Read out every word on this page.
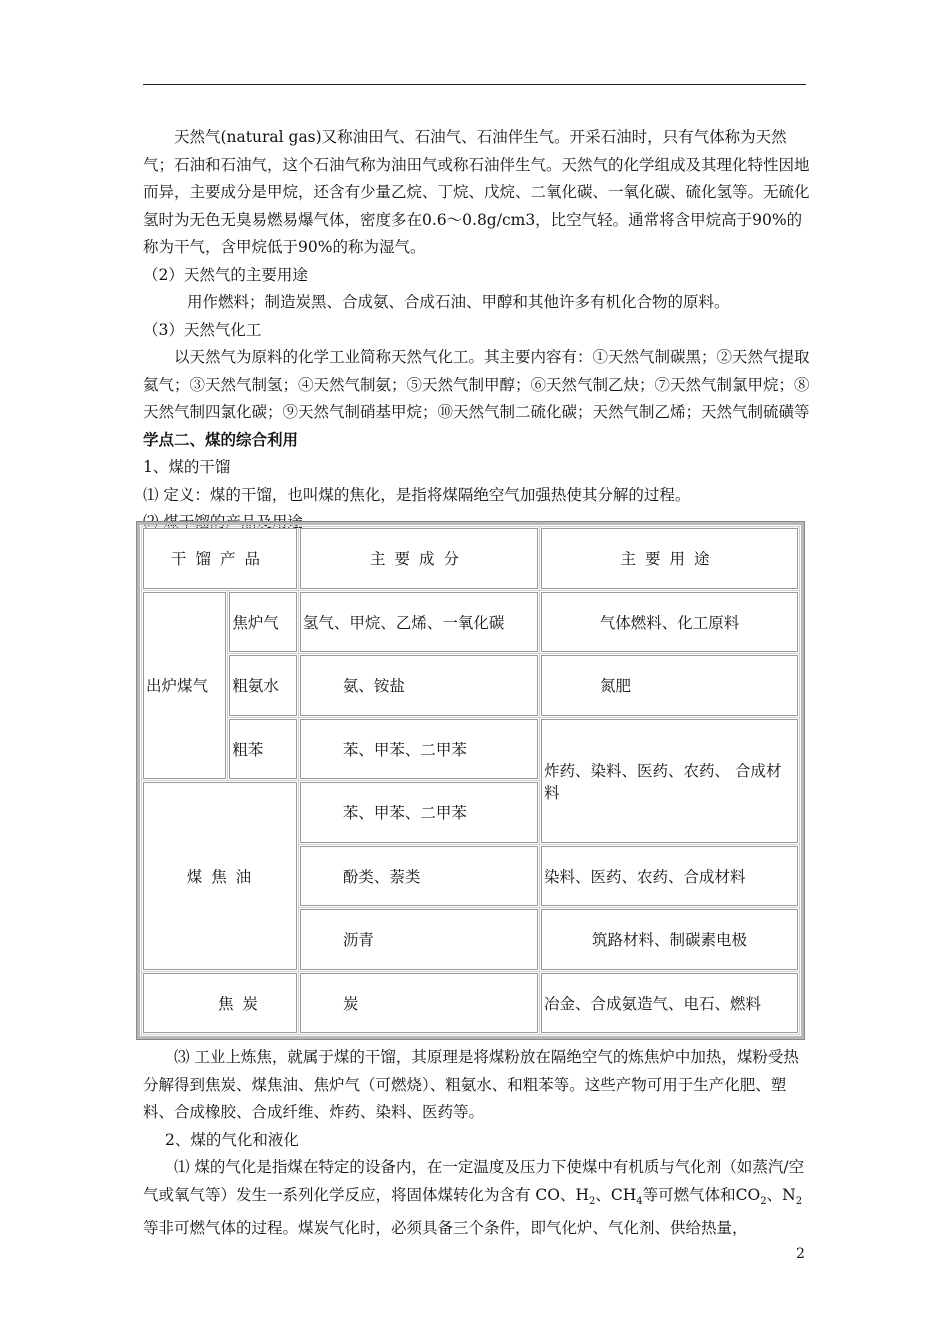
天然气(natural gas)又称油田气、石油气、石油伴生气。开采石油时，只有气体称为天然气；石油和石油气，这个石油气称为油田气或称石油伴生气。天然气的化学组成及其理化特性因地而异，主要成分是甲烷，还含有少量乙烷、丁烷、戊烷、二氧化碳、一氧化碳、硫化氢等。无硫化氢时为无色无臭易燃易爆气体，密度多在0.6～0.8g/cm3，比空气轻。通常将含甲烷高于90%的称为干气，含甲烷低于90%的称为湿气。

（2）天然气的主要用途

用作燃料；制造炭黑、合成氨、合成石油、甲醇和其他许多有机化合物的原料。

（3）天然气化工

以天然气为原料的化学工业简称天然气化工。其主要内容有：①天然气制碳黑；②天然气提取氦气；③天然气制氢；④天然气制氨；⑤天然气制甲醇；⑥天然气制乙炔；⑦天然气制氯甲烷；⑧天然气制四氯化碳；⑨天然气制硝基甲烷；⑩天然气制二硫化碳；天然气制乙烯；天然气制硫磺等

学点二、煤的综合利用

1、煤的干馏

⑴ 定义：煤的干馏，也叫煤的焦化，是指将煤隔绝空气加强热使其分解的过程。

⑵ 煤干馏的产品及用途

干馏产品		主要成分	主要用途
出炉煤气	焦炉气	氢气、甲烷、乙烯、一氧化碳	气体燃料、化工原料
	粗氨水	氨、铵盐	氮肥
	粗苯	苯、甲苯、二甲苯	炸药、染料、医药、农药、 合成材料
煤 焦 油		苯、甲苯、二甲苯	
		酚类、萘类	染料、医药、农药、合成材料
		沥青	筑路材料、制碳素电极
焦 炭		炭	冶金、合成氨造气、电石、燃料

⑶ 工业上炼焦，就属于煤的干馏，其原理是将煤粉放在隔绝空气的炼焦炉中加热，煤粉受热分解得到焦炭、煤焦油、焦炉气（可燃烧）、粗氨水、和粗苯等。这些产物可用于生产化肥、塑料、合成橡胶、合成纤维、炸药、染料、医药等。

2、煤的气化和液化

⑴ 煤的气化是指煤在特定的设备内，在一定温度及压力下使煤中有机质与气化剂（如蒸汽/空气或氧气等）发生一系列化学反应，将固体煤转化为含有 CO、$H_2$、$CH_4$等可燃气体和$CO_2$、$N_2$等非可燃气体的过程。煤炭气化时，必须具备三个条件，即气化炉、气化剂、供给热量，

2
